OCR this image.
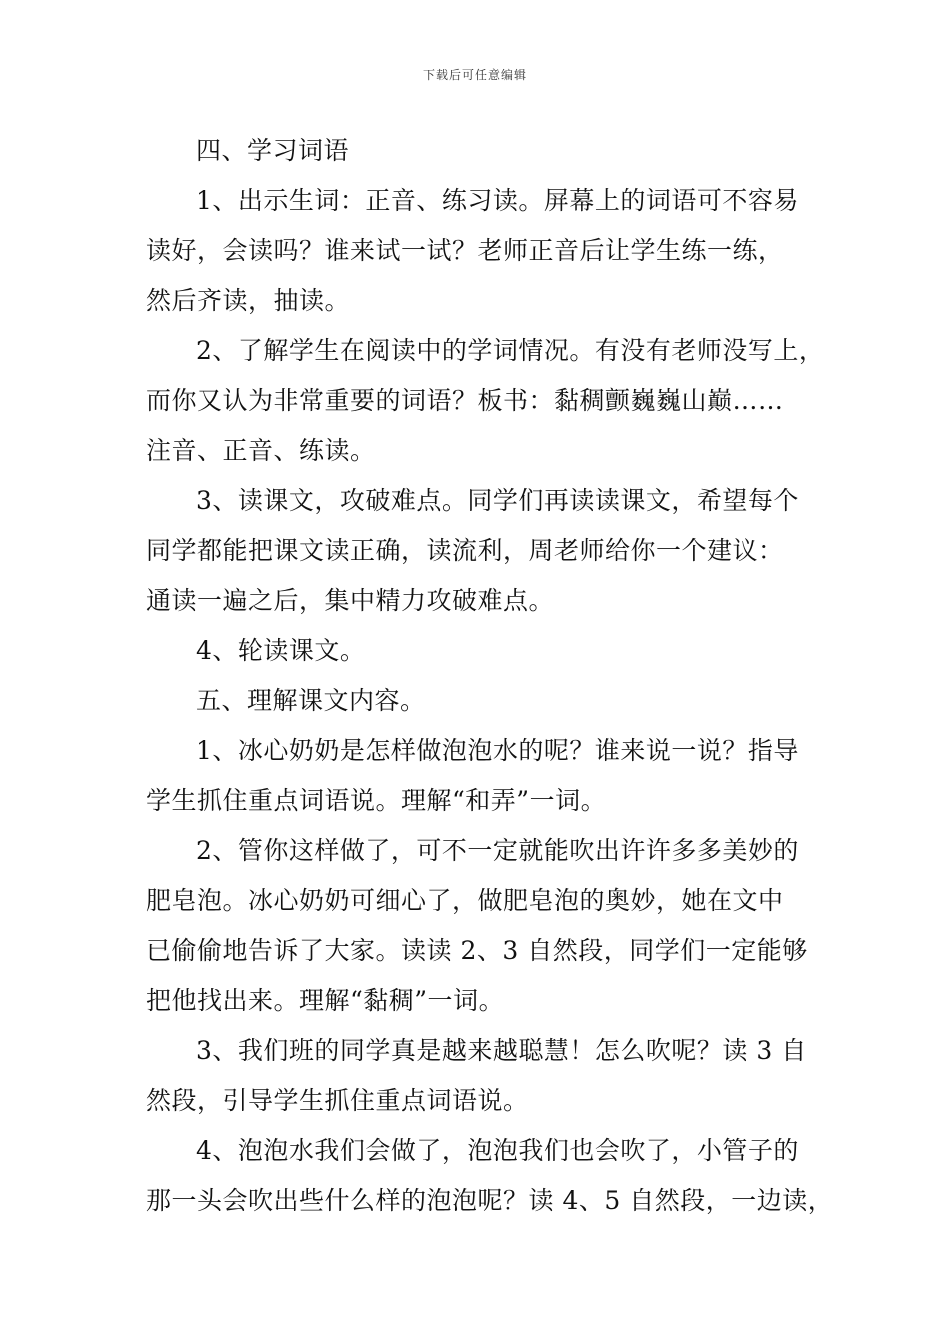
下载后可任意编辑
四、学习词语
1、出示生词：正音、练习读。屏幕上的词语可不容易
读好，会读吗？谁来试一试？老师正音后让学生练一练，
然后齐读，抽读。
2、了解学生在阅读中的学词情况。有没有老师没写上，
而你又认为非常重要的词语？板书：黏稠颤巍巍山巅……
注音、正音、练读。
3、读课文，攻破难点。同学们再读读课文，希望每个
同学都能把课文读正确，读流利，周老师给你一个建议：
通读一遍之后，集中精力攻破难点。
4、轮读课文。
五、理解课文内容。
1、冰心奶奶是怎样做泡泡水的呢？谁来说一说？指导
学生抓住重点词语说。理解“和弄”一词。
2、管你这样做了，可不一定就能吹出许许多多美妙的
肥皂泡。冰心奶奶可细心了，做肥皂泡的奥妙，她在文中
已偷偷地告诉了大家。读读 2、3 自然段，同学们一定能够
把他找出来。理解“黏稠”一词。
3、我们班的同学真是越来越聪慧！怎么吹呢？读 3 自
然段，引导学生抓住重点词语说。
4、泡泡水我们会做了，泡泡我们也会吹了，小管子的
那一头会吹出些什么样的泡泡呢？读 4、5 自然段，一边读，
